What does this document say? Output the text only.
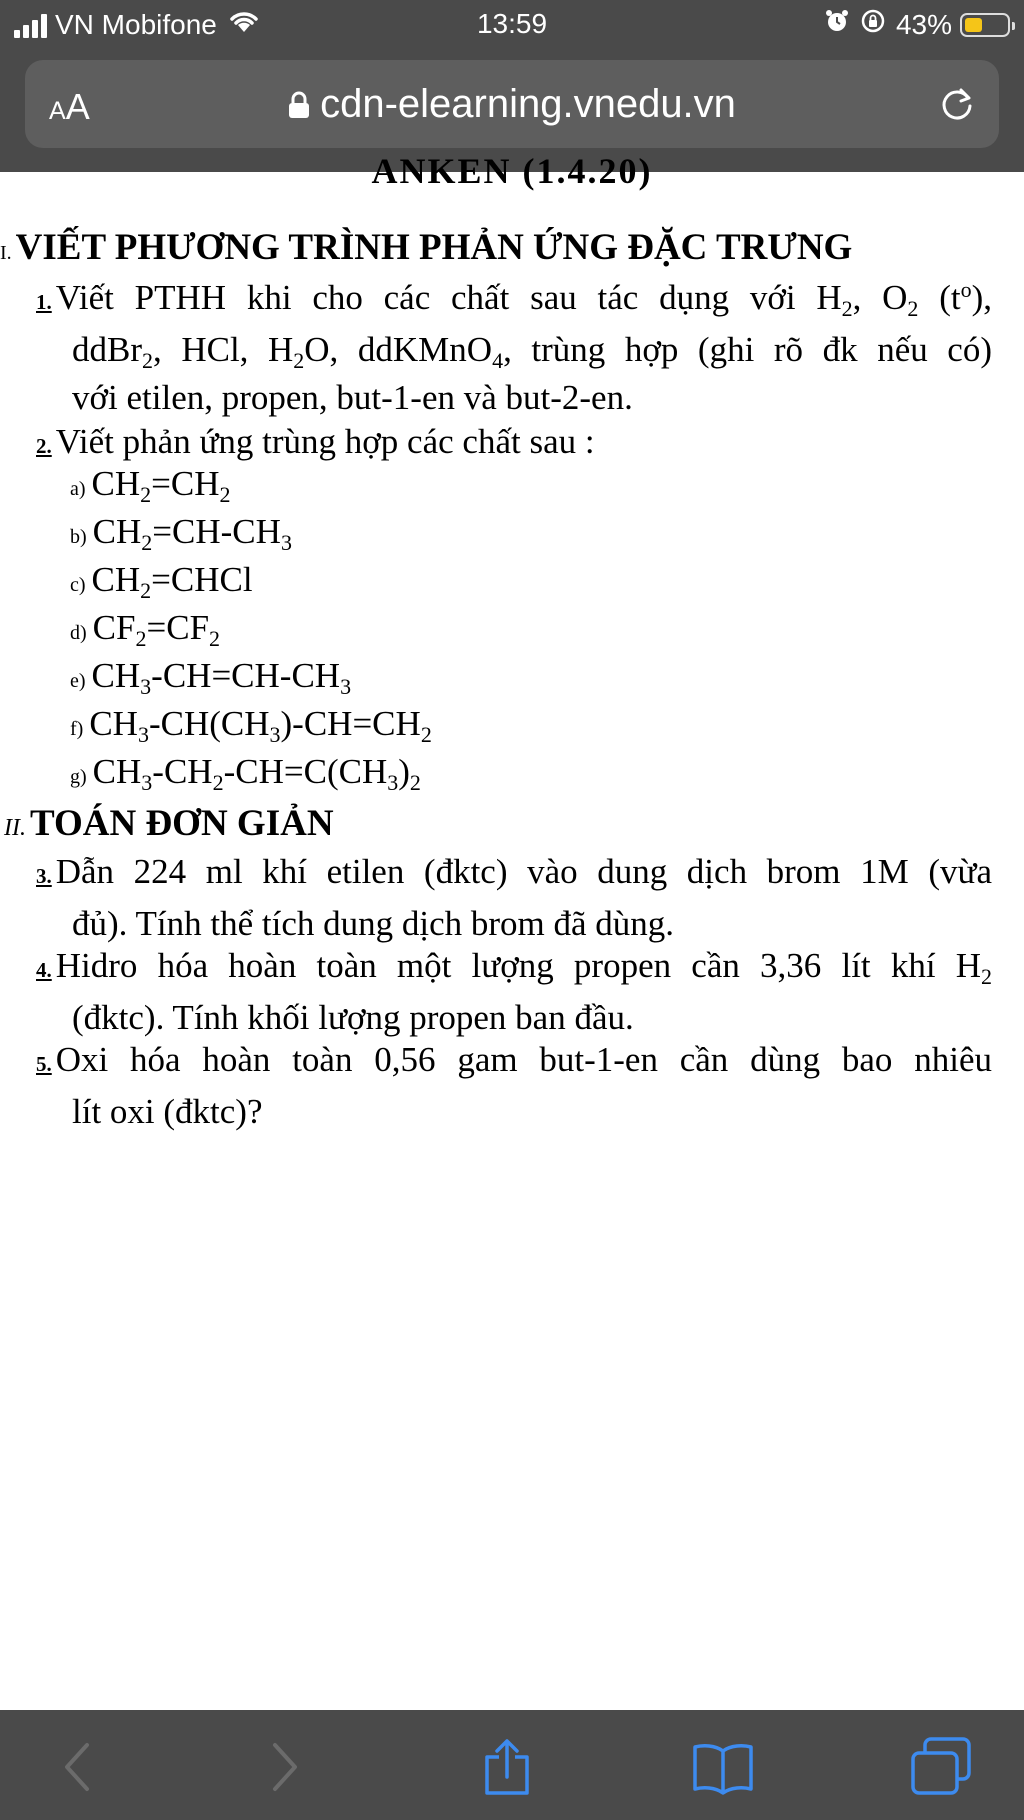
VN Mobifone	13:59	43%
AA	cdn-elearning.vnedu.vn
ANKEN (1.4.20)
I. VIẾT PHƯƠNG TRÌNH PHẢN ỨNG ĐẶC TRƯNG
1. Viết PTHH khi cho các chất sau tác dụng với $H_2$, $O_2$ $(t^o)$,
ddBr$_2$, HCl, $H_2O$, ddKMnO$_4$, trùng hợp (ghi rõ đk nếu có)
với etilen, propen, but-1-en và but-2-en.
2. Viết phản ứng trùng hợp các chất sau :
a) $CH_2=CH_2$
b) $CH_2=CH-CH_3$
c) $CH_2=CHCl$
d) $CF_2=CF_2$
e) $CH_3-CH=CH-CH_3$
f) $CH_3-CH(CH_3)-CH=CH_2$
g) $CH_3-CH_2-CH=C(CH_3)_2$
II. TOÁN ĐƠN GIẢN
3. Dẫn 224 ml khí etilen (đktc) vào dung dịch brom 1M (vừa
đủ). Tính thể tích dung dịch brom đã dùng.
4. Hidro hóa hoàn toàn một lượng propen cần 3,36 lít khí $H_2$
(đktc). Tính khối lượng propen ban đầu.
5. Oxi hóa hoàn toàn 0,56 gam but-1-en cần dùng bao nhiêu
lít oxi (đktc)?
